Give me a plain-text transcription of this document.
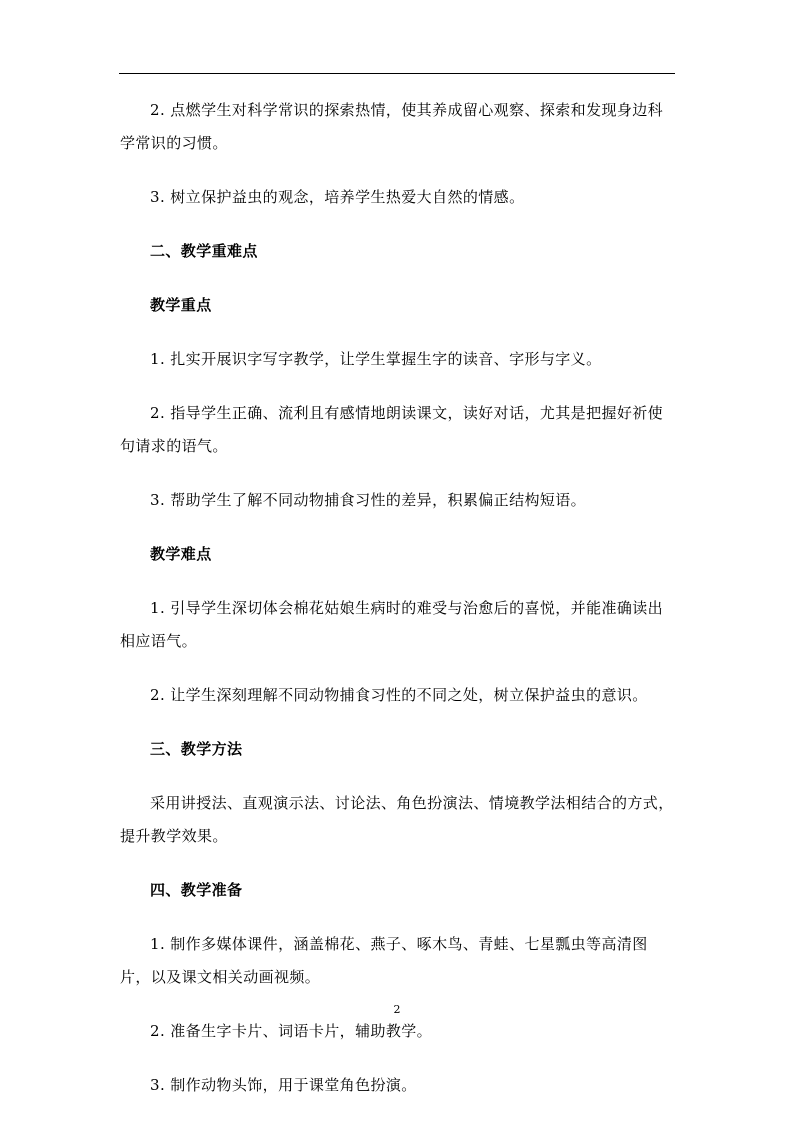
2. 点燃学生对科学常识的探索热情，使其养成留心观察、探索和发现身边科学常识的习惯。

3. 树立保护益虫的观念，培养学生热爱大自然的情感。

二、教学重难点

教学重点

1. 扎实开展识字写字教学，让学生掌握生字的读音、字形与字义。

2. 指导学生正确、流利且有感情地朗读课文，读好对话，尤其是把握好祈使句请求的语气。

3. 帮助学生了解不同动物捕食习性的差异，积累偏正结构短语。

教学难点

1. 引导学生深切体会棉花姑娘生病时的难受与治愈后的喜悦，并能准确读出相应语气。

2. 让学生深刻理解不同动物捕食习性的不同之处，树立保护益虫的意识。

三、教学方法

采用讲授法、直观演示法、讨论法、角色扮演法、情境教学法相结合的方式，提升教学效果。

四、教学准备

1. 制作多媒体课件，涵盖棉花、燕子、啄木鸟、青蛙、七星瓢虫等高清图片，以及课文相关动画视频。

2. 准备生字卡片、词语卡片，辅助教学。

3. 制作动物头饰，用于课堂角色扮演。

2
